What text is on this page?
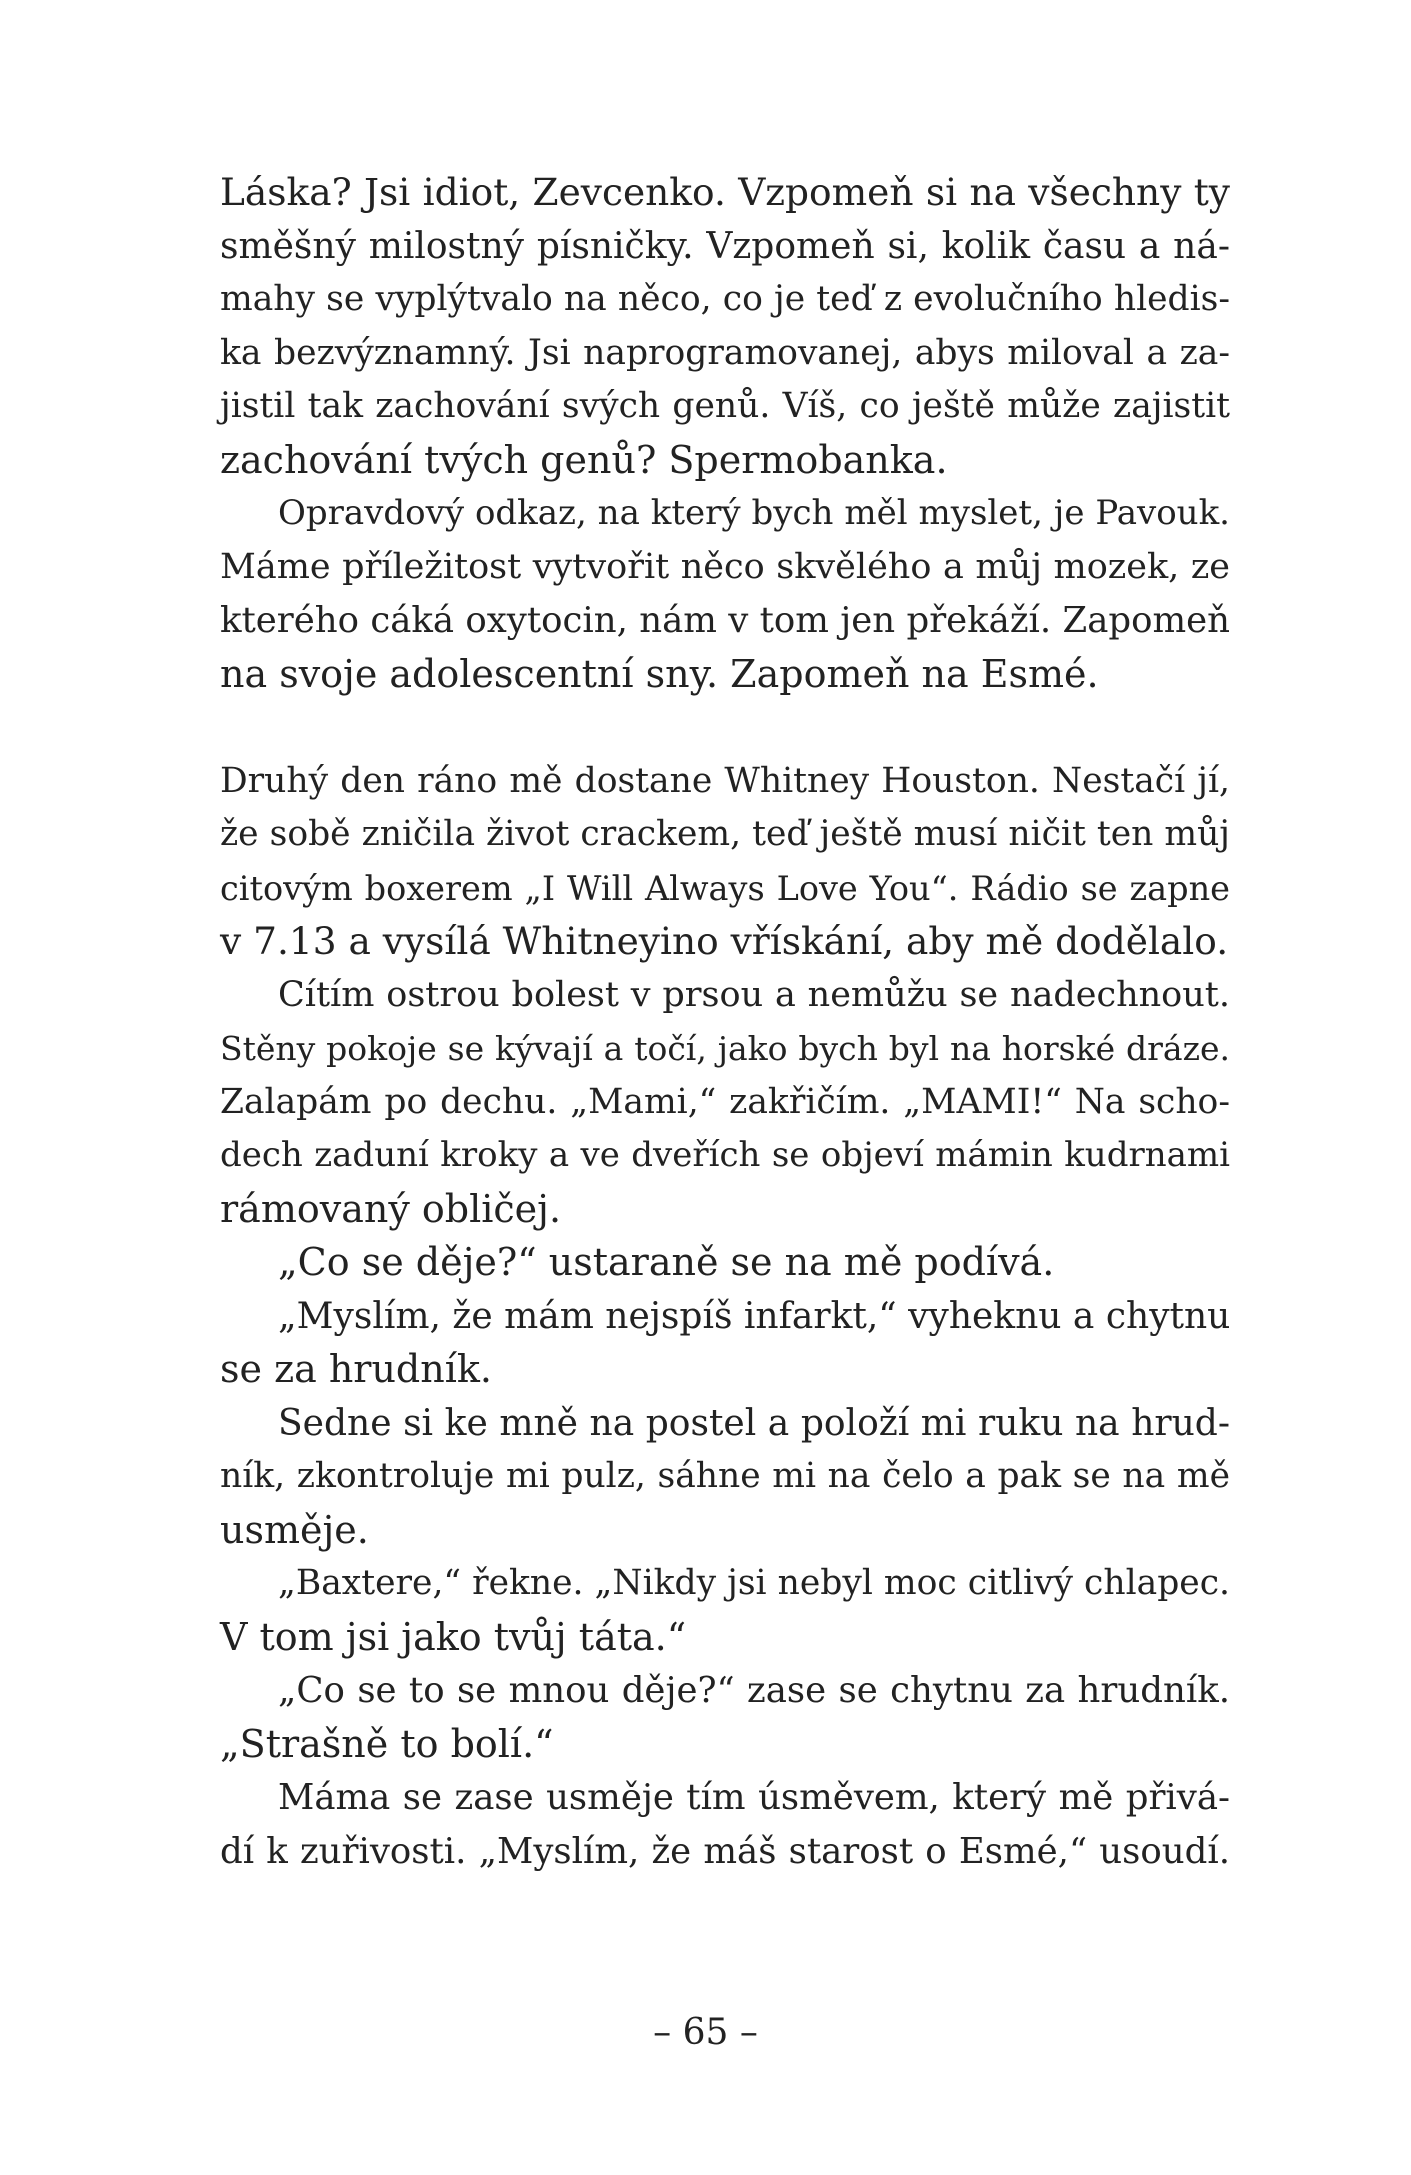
Láska? Jsi idiot, Zevcenko. Vzpomeň si na všechny ty
směšný milostný písničky. Vzpomeň si, kolik času a ná-
mahy se vyplýtvalo na něco, co je teď z evolučního hledis-
ka bezvýznamný. Jsi naprogramovanej, abys miloval a za-
jistil tak zachování svých genů. Víš, co ještě může zajistit
zachování tvých genů? Spermobanka.
Opravdový odkaz, na který bych měl myslet, je Pavouk.
Máme příležitost vytvořit něco skvělého a můj mozek, ze
kterého cáká oxytocin, nám v tom jen překáží. Zapomeň
na svoje adolescentní sny. Zapomeň na Esmé.
Druhý den ráno mě dostane Whitney Houston. Nestačí jí,
že sobě zničila život crackem, teď ještě musí ničit ten můj
citovým boxerem „I Will Always Love You“. Rádio se zapne
v 7.13 a vysílá Whitneyino vřískání, aby mě dodělalo.
Cítím ostrou bolest v prsou a nemůžu se nadechnout.
Stěny pokoje se kývají a točí, jako bych byl na horské dráze.
Zalapám po dechu. „Mami,“ zakřičím. „MAMI!“ Na scho-
dech zaduní kroky a ve dveřích se objeví mámin kudrnami
rámovaný obličej.
„Co se děje?“ ustaraně se na mě podívá.
„Myslím, že mám nejspíš infarkt,“ vyheknu a chytnu
se za hrudník.
Sedne si ke mně na postel a položí mi ruku na hrud-
ník, zkontroluje mi pulz, sáhne mi na čelo a pak se na mě
usměje.
„Baxtere,“ řekne. „Nikdy jsi nebyl moc citlivý chlapec.
V tom jsi jako tvůj táta.“
„Co se to se mnou děje?“ zase se chytnu za hrudník.
„Strašně to bolí.“
Máma se zase usměje tím úsměvem, který mě přivá-
dí k zuřivosti. „Myslím, že máš starost o Esmé,“ usoudí.
– 65 –
